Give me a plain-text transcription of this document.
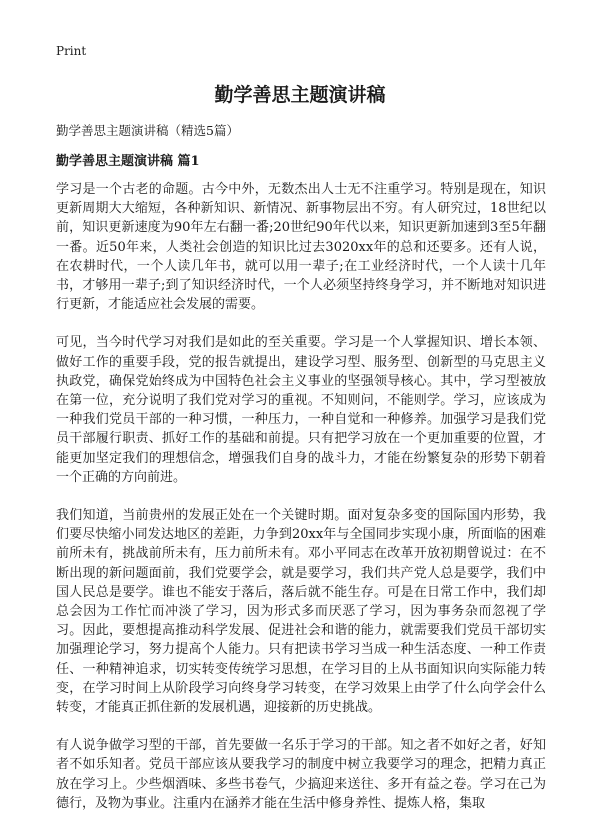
Print
勤学善思主题演讲稿
勤学善思主题演讲稿（精选5篇）
勤学善思主题演讲稿 篇1

学习是一个古老的命题。古今中外，无数杰出人士无不注重学习。特别是现在，知识更新周期大大缩短，各种新知识、新情况、新事物层出不穷。有人研究过，18世纪以前，知识更新速度为90年左右翻一番;20世纪90年代以来，知识更新加速到3至5年翻一番。近50年来，人类社会创造的知识比过去3020xx年的总和还要多。还有人说，在农耕时代，一个人读几年书，就可以用一辈子;在工业经济时代，一个人读十几年书，才够用一辈子;到了知识经济时代，一个人必须坚持终身学习，并不断地对知识进行更新，才能适应社会发展的需要。

可见，当今时代学习对我们是如此的至关重要。学习是一个人掌握知识、增长本领、做好工作的重要手段，党的报告就提出，建设学习型、服务型、创新型的马克思主义执政党，确保党始终成为中国特色社会主义事业的坚强领导核心。其中，学习型被放在第一位，充分说明了我们党对学习的重视。不知则问，不能则学。学习，应该成为一种我们党员干部的一种习惯，一种压力，一种自觉和一种修养。加强学习是我们党员干部履行职责、抓好工作的基础和前提。只有把学习放在一个更加重要的位置，才能更加坚定我们的理想信念，增强我们自身的战斗力，才能在纷繁复杂的形势下朝着一个正确的方向前进。

我们知道，当前贵州的发展正处在一个关键时期。面对复杂多变的国际国内形势，我们要尽快缩小同发达地区的差距，力争到20xx年与全国同步实现小康，所面临的困难前所未有，挑战前所未有，压力前所未有。邓小平同志在改革开放初期曾说过：在不断出现的新问题面前，我们党要学会，就是要学习，我们共产党人总是要学，我们中国人民总是要学。谁也不能安于落后，落后就不能生存。可是在日常工作中，我们却总会因为工作忙而冲淡了学习，因为形式多而厌恶了学习，因为事务杂而忽视了学习。因此，要想提高推动科学发展、促进社会和谐的能力，就需要我们党员干部切实加强理论学习，努力提高个人能力。只有把读书学习当成一种生活态度、一种工作责任、一种精神追求，切实转变传统学习思想，在学习目的上从书面知识向实际能力转变，在学习时间上从阶段学习向终身学习转变，在学习效果上由学了什么向学会什么转变，才能真正抓住新的发展机遇，迎接新的历史挑战。

有人说争做学习型的干部，首先要做一名乐于学习的干部。知之者不如好之者，好知者不如乐知者。党员干部应该从要我学习的制度中树立我要学习的理念，把精力真正放在学习上。少些烟酒味、多些书卷气，少搞迎来送往、多开有益之卷。学习在己为德行，及物为事业。注重内在涵养才能在生活中修身养性、提炼人格，集取
